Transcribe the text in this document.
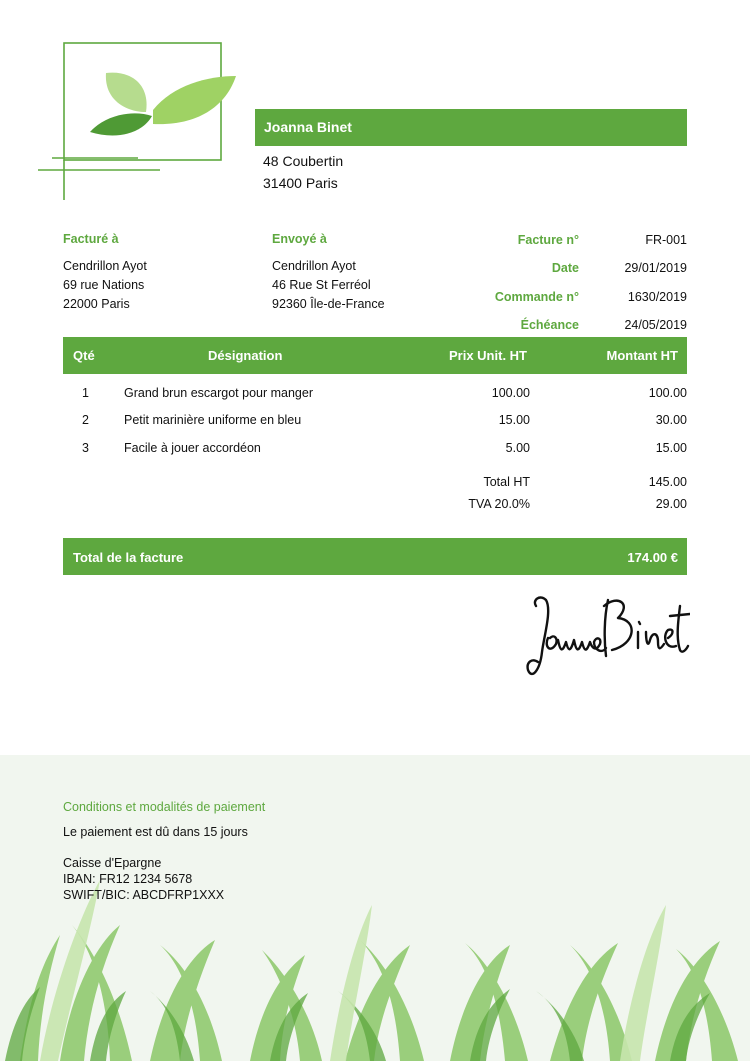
Joanna Binet
48 Coubertin
31400 Paris
Facturé à
Cendrillon Ayot
69 rue Nations
22000 Paris
Envoyé à
Cendrillon Ayot
46 Rue St Ferréol
92360 Île-de-France
Facture n°	FR-001
Date	29/01/2019
Commande n°	1630/2019
Échéance	24/05/2019
Qté	Désignation	Prix Unit. HT	Montant HT
1	Grand brun escargot pour manger	100.00	100.00
2	Petit marinière uniforme en bleu	15.00	30.00
3	Facile à jouer accordéon	5.00	15.00
Total HT	145.00
TVA 20.0%	29.00
Total de la facture	174.00 €
Conditions et modalités de paiement
Le paiement est dû dans 15 jours
Caisse d'Epargne
IBAN: FR12 1234 5678
SWIFT/BIC: ABCDFRP1XXX
